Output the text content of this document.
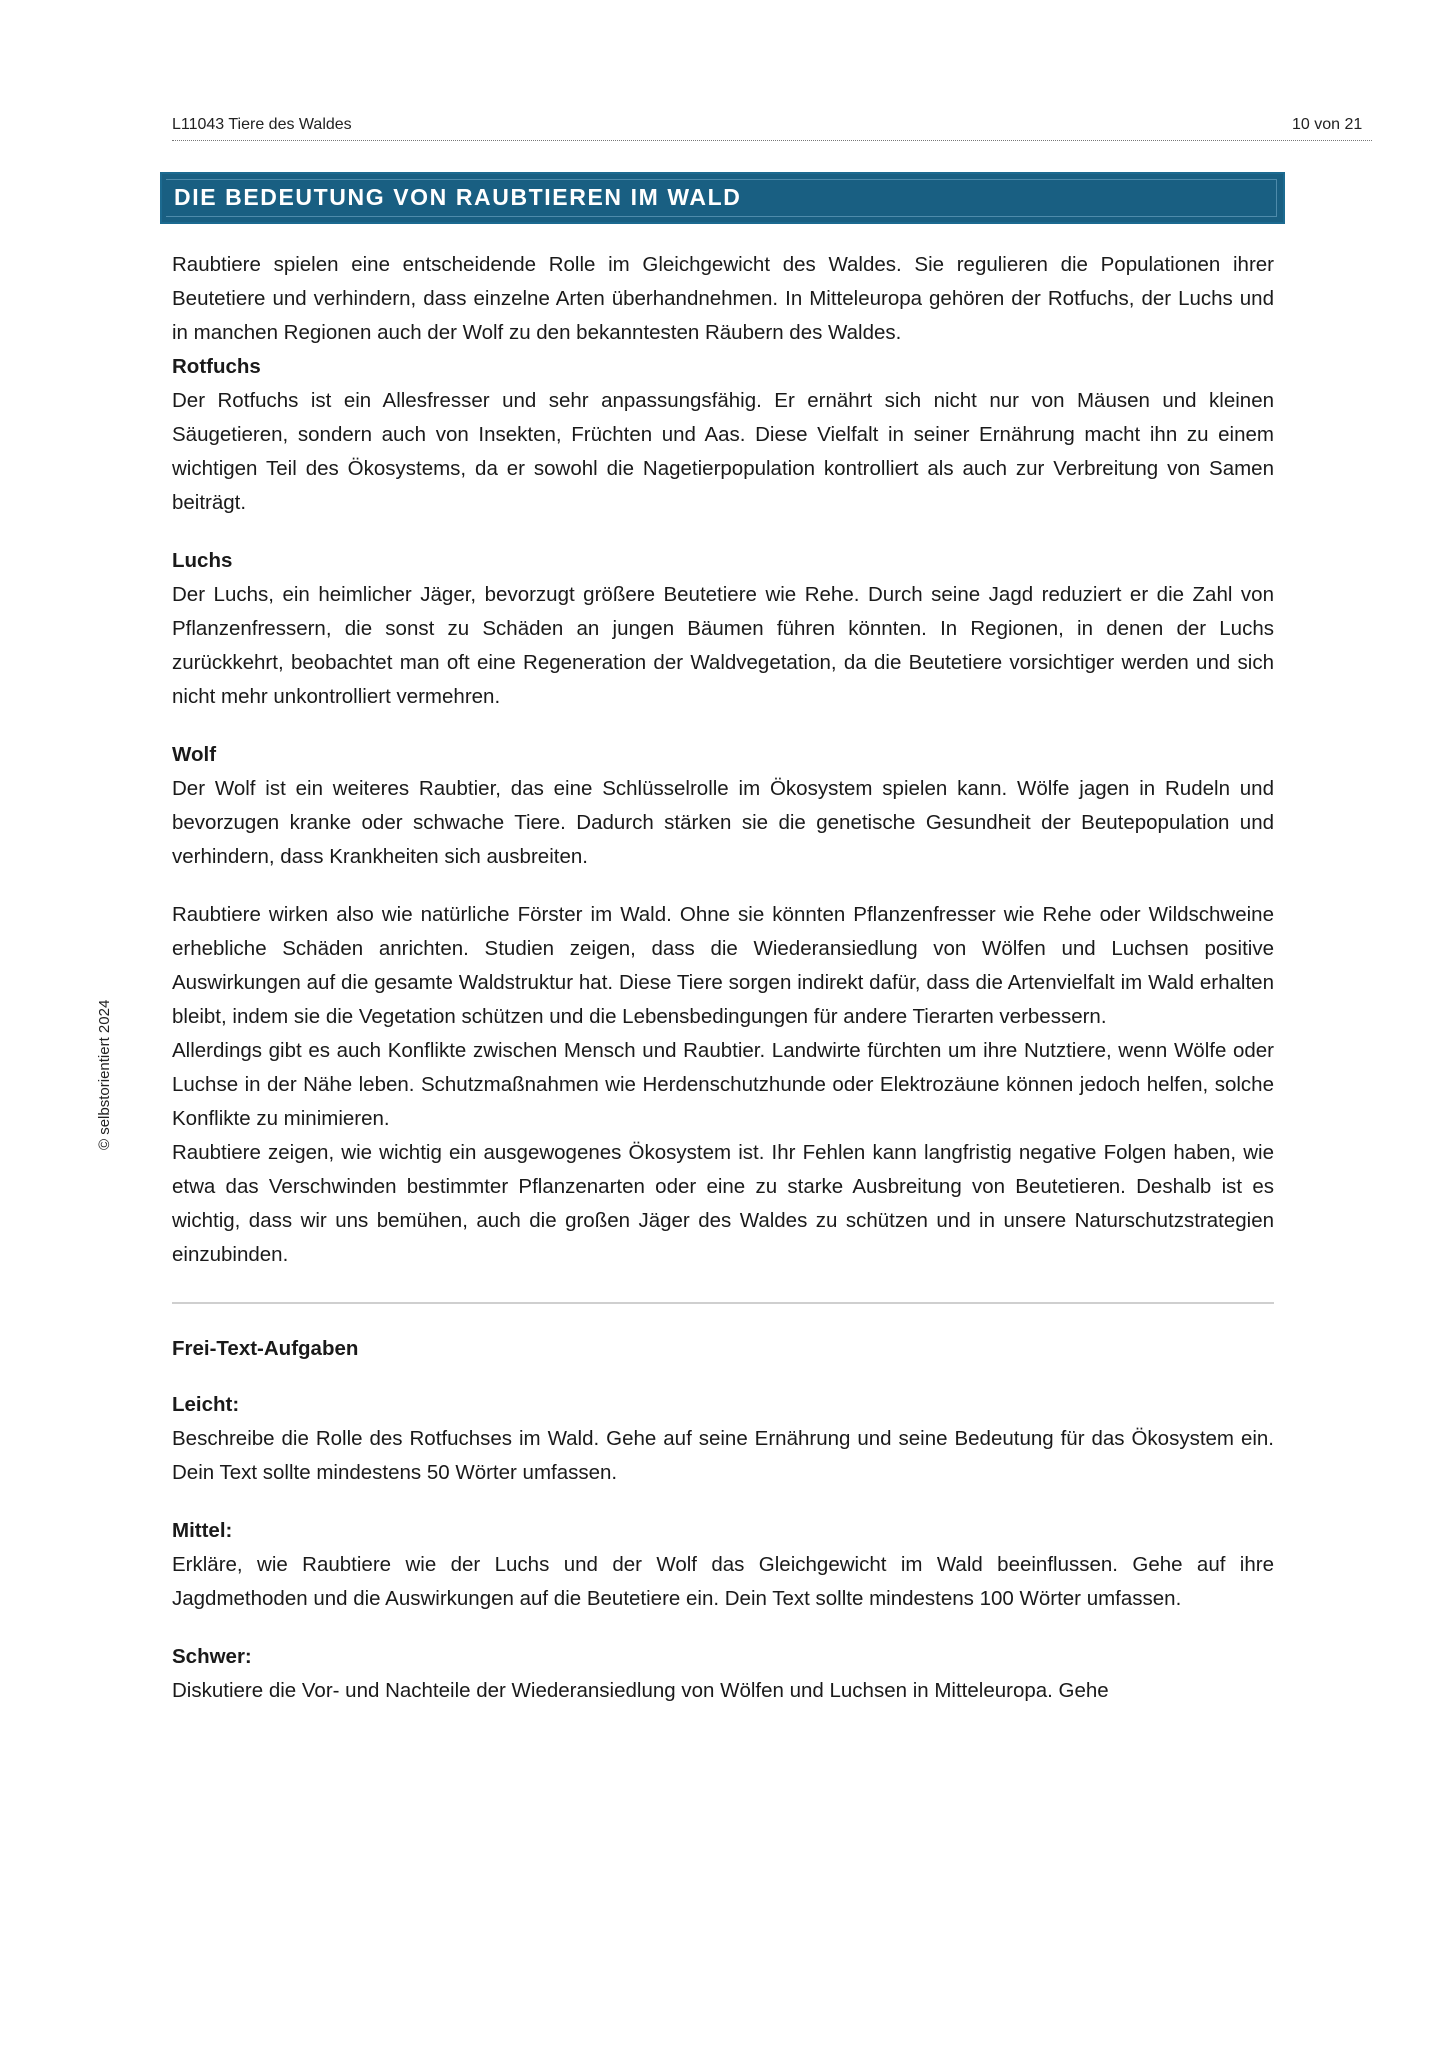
L11043 Tiere des Waldes	10 von 21
© selbstorientiert 2024
DIE BEDEUTUNG VON RAUBTIEREN IM WALD

Raubtiere spielen eine entscheidende Rolle im Gleichgewicht des Waldes. Sie regulieren die Populationen ihrer Beutetiere und verhindern, dass einzelne Arten überhandnehmen. In Mitteleuropa gehören der Rotfuchs, der Luchs und in manchen Regionen auch der Wolf zu den bekanntesten Räubern des Waldes.

Rotfuchs

Der Rotfuchs ist ein Allesfresser und sehr anpassungsfähig. Er ernährt sich nicht nur von Mäusen und kleinen Säugetieren, sondern auch von Insekten, Früchten und Aas. Diese Vielfalt in seiner Ernährung macht ihn zu einem wichtigen Teil des Ökosystems, da er sowohl die Nagetierpopulation kontrolliert als auch zur Verbreitung von Samen beiträgt.

Luchs

Der Luchs, ein heimlicher Jäger, bevorzugt größere Beutetiere wie Rehe. Durch seine Jagd reduziert er die Zahl von Pflanzenfressern, die sonst zu Schäden an jungen Bäumen führen könnten. In Regionen, in denen der Luchs zurückkehrt, beobachtet man oft eine Regeneration der Waldvegetation, da die Beutetiere vorsichtiger werden und sich nicht mehr unkontrolliert vermehren.

Wolf

Der Wolf ist ein weiteres Raubtier, das eine Schlüsselrolle im Ökosystem spielen kann. Wölfe jagen in Rudeln und bevorzugen kranke oder schwache Tiere. Dadurch stärken sie die genetische Gesundheit der Beutepopulation und verhindern, dass Krankheiten sich ausbreiten.

Raubtiere wirken also wie natürliche Förster im Wald. Ohne sie könnten Pflanzenfresser wie Rehe oder Wildschweine erhebliche Schäden anrichten. Studien zeigen, dass die Wiederansiedlung von Wölfen und Luchsen positive Auswirkungen auf die gesamte Waldstruktur hat. Diese Tiere sorgen indirekt dafür, dass die Artenvielfalt im Wald erhalten bleibt, indem sie die Vegetation schützen und die Lebensbedingungen für andere Tierarten verbessern.

Allerdings gibt es auch Konflikte zwischen Mensch und Raubtier. Landwirte fürchten um ihre Nutztiere, wenn Wölfe oder Luchse in der Nähe leben. Schutzmaßnahmen wie Herdenschutzhunde oder Elektrozäune können jedoch helfen, solche Konflikte zu minimieren.

Raubtiere zeigen, wie wichtig ein ausgewogenes Ökosystem ist. Ihr Fehlen kann langfristig negative Folgen haben, wie etwa das Verschwinden bestimmter Pflanzenarten oder eine zu starke Ausbreitung von Beutetieren. Deshalb ist es wichtig, dass wir uns bemühen, auch die großen Jäger des Waldes zu schützen und in unsere Naturschutzstrategien einzubinden.

Frei-Text-Aufgaben
Leicht:

Beschreibe die Rolle des Rotfuchses im Wald. Gehe auf seine Ernährung und seine Bedeutung für das Ökosystem ein. Dein Text sollte mindestens 50 Wörter umfassen.

Mittel:

Erkläre, wie Raubtiere wie der Luchs und der Wolf das Gleichgewicht im Wald beeinflussen. Gehe auf ihre Jagdmethoden und die Auswirkungen auf die Beutetiere ein. Dein Text sollte mindestens 100 Wörter umfassen.

Schwer:

Diskutiere die Vor- und Nachteile der Wiederansiedlung von Wölfen und Luchsen in Mitteleuropa. Gehe
